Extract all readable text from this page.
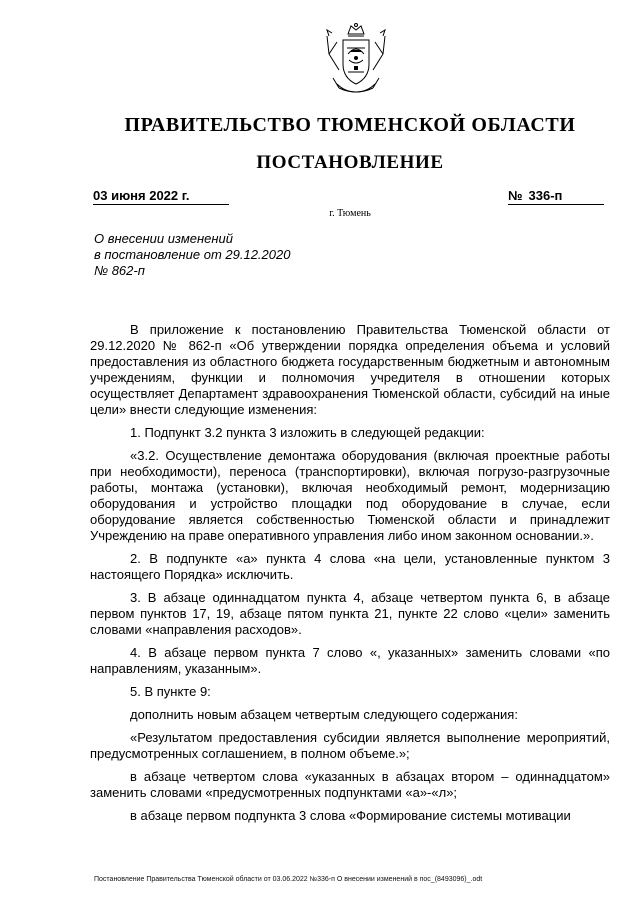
ПРАВИТЕЛЬСТВО ТЮМЕНСКОЙ ОБЛАСТИ
ПОСТАНОВЛЕНИЕ
03 июня 2022 г.	№ 336-п
г. Тюмень
О внесении изменений
в постановление от 29.12.2020
№ 862-п

В приложение к постановлению Правительства Тюменской области от 29.12.2020 № 862-п «Об утверждении порядка определения объема и условий предоставления из областного бюджета государственным бюджетным и автономным учреждениям, функции и полномочия учредителя в отношении которых осуществляет Департамент здравоохранения Тюменской области, субсидий на иные цели» внести следующие изменения:

1. Подпункт 3.2 пункта 3 изложить в следующей редакции:

«3.2. Осуществление демонтажа оборудования (включая проектные работы при необходимости), переноса (транспортировки), включая погрузо-разгрузочные работы, монтажа (установки), включая необходимый ремонт, модернизацию оборудования и устройство площадки под оборудование в случае, если оборудование является собственностью Тюменской области и принадлежит Учреждению на праве оперативного управления либо ином законном основании.».

2. В подпункте «а» пункта 4 слова «на цели, установленные пунктом 3 настоящего Порядка» исключить.

3. В абзаце одиннадцатом пункта 4, абзаце четвертом пункта 6, в абзаце первом пунктов 17, 19, абзаце пятом пункта 21, пункте 22 слово «цели» заменить словами «направления расходов».

4. В абзаце первом пункта 7 слово «, указанных» заменить словами «по направлениям, указанным».

5. В пункте 9:

дополнить новым абзацем четвертым следующего содержания:

«Результатом предоставления субсидии является выполнение мероприятий, предусмотренных соглашением, в полном объеме.»;

в абзаце четвертом слова «указанных в абзацах втором – одиннадцатом» заменить словами «предусмотренных подпунктами «а»-«л»;

в абзаце первом подпункта 3 слова «Формирование системы мотивации

Постановление Правительства Тюменской области от 03.06.2022 №336-п О внесении изменений в пос_(8493096)_.odt
